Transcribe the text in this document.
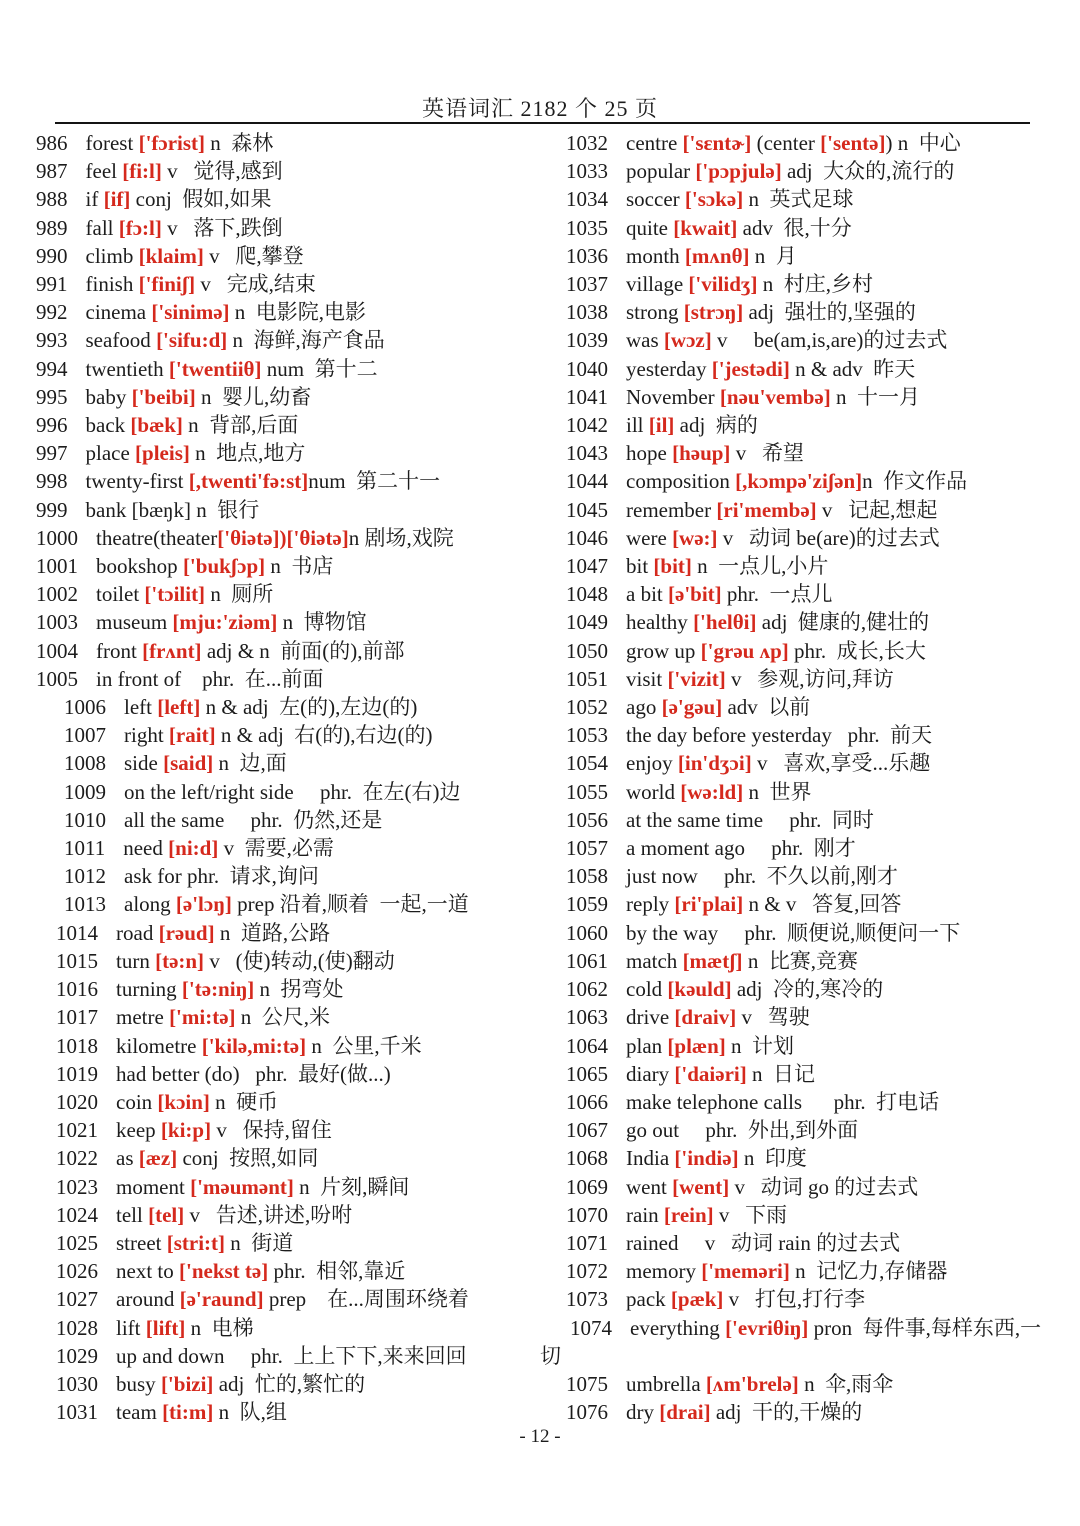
英语词汇 2182 个 25 页
986 forest ['fɔrist] n  森林
987 feel [fi:l] v   觉得,感到
988 if [if] conj  假如,如果
989 fall [fɔ:l] v   落下,跌倒
990 climb [klaim] v   爬,攀登
991 finish ['finiʃ] v   完成,结束
992 cinema ['sinimə] n  电影院,电影
993 seafood ['sifu:d] n  海鲜,海产食品
994 twentieth ['twentiiθ] num  第十二
995 baby ['beibi] n  婴儿,幼畜
996 back [bæk] n  背部,后面
997 place [pleis] n  地点,地方
998 twenty-first [,twenti'fə:st]num  第二十一
999 bank [bæŋk] n  银行
1000 theatre(theater['θiətə])['θiətə]n 剧场,戏院
1001 bookshop ['bukʃɔp] n  书店
1002 toilet ['tɔilit] n  厕所
1003 museum [mju:'ziəm] n  博物馆
1004 front [frʌnt] adj & n  前面(的),前部
1005 in front of    phr.  在...前面
1006 left [left] n & adj  左(的),左边(的)
1007 right [rait] n & adj  右(的),右边(的)
1008 side [said] n  边,面
1009 on the left/right side     phr.  在左(右)边
1010 all the same     phr.  仍然,还是
1011 need [ni:d] v  需要,必需
1012 ask for phr.  请求,询问
1013 along [ə'lɔŋ] prep 沿着,顺着  一起,一道
1014 road [rəud] n  道路,公路
1015 turn [tə:n] v   (使)转动,(使)翻动
1016 turning ['tə:niŋ] n  拐弯处
1017 metre ['mi:tə] n  公尺,米
1018 kilometre ['kilə,mi:tə] n  公里,千米
1019 had better (do)   phr.  最好(做...)
1020 coin [kɔin] n  硬币
1021 keep [ki:p] v   保持,留住
1022 as [æz] conj  按照,如同
1023 moment ['məumənt] n  片刻,瞬间
1024 tell [tel] v   告述,讲述,吩咐
1025 street [stri:t] n  街道
1026 next to ['nekst tə] phr.  相邻,靠近
1027 around [ə'raund] prep    在...周围环绕着
1028 lift [lift] n  电梯
1029 up and down     phr.  上上下下,来来回回
1030 busy ['bizi] adj  忙的,繁忙的
1031 team [ti:m] n  队,组
1032 centre ['sɛntɚ] (center ['sentə]) n  中心
1033 popular ['pɔpjulə] adj  大众的,流行的
1034 soccer ['sɔkə] n  英式足球
1035 quite [kwait] adv  很,十分
1036 month [mʌnθ] n  月
1037 village ['vilidʒ] n  村庄,乡村
1038 strong [strɔŋ] adj  强壮的,坚强的
1039 was [wɔz] v     be(am,is,are)的过去式
1040 yesterday ['jestədi] n & adv  昨天
1041 November [nəu'vembə] n  十一月
1042 ill [il] adj  病的
1043 hope [həup] v   希望
1044 composition [,kɔmpə'ziʃən]n  作文作品
1045 remember [ri'membə] v   记起,想起
1046 were [wə:] v   动词 be(are)的过去式
1047 bit [bit] n  一点儿,小片
1048 a bit [ə'bit] phr.  一点儿
1049 healthy ['helθi] adj  健康的,健壮的
1050 grow up ['grəu ʌp] phr.  成长,长大
1051 visit ['vizit] v   参观,访问,拜访
1052 ago [ə'gəu] adv  以前
1053 the day before yesterday   phr.  前天
1054 enjoy [in'dʒɔi] v   喜欢,享受...乐趣
1055 world [wə:ld] n  世界
1056 at the same time     phr.  同时
1057 a moment ago     phr.  刚才
1058 just now     phr.  不久以前,刚才
1059 reply [ri'plai] n & v   答复,回答
1060 by the way     phr.  顺便说,顺便问一下
1061 match [mætʃ] n  比赛,竞赛
1062 cold [kəuld] adj  冷的,寒冷的
1063 drive [draiv] v   驾驶
1064 plan [plæn] n  计划
1065 diary ['daiəri] n  日记
1066 make telephone calls      phr.  打电话
1067 go out     phr.  外出,到外面
1068 India ['indiə] n  印度
1069 went [went] v   动词 go 的过去式
1070 rain [rein] v   下雨
1071 rained     v   动词 rain 的过去式
1072 memory ['meməri] n  记忆力,存储器
1073 pack [pæk] v   打包,打行李
1074 everything ['evriθiŋ] pron  每件事,每样东西,一切
1075 umbrella [ʌm'brelə] n  伞,雨伞
1076 dry [drai] adj  干的,干燥的
- 12 -
